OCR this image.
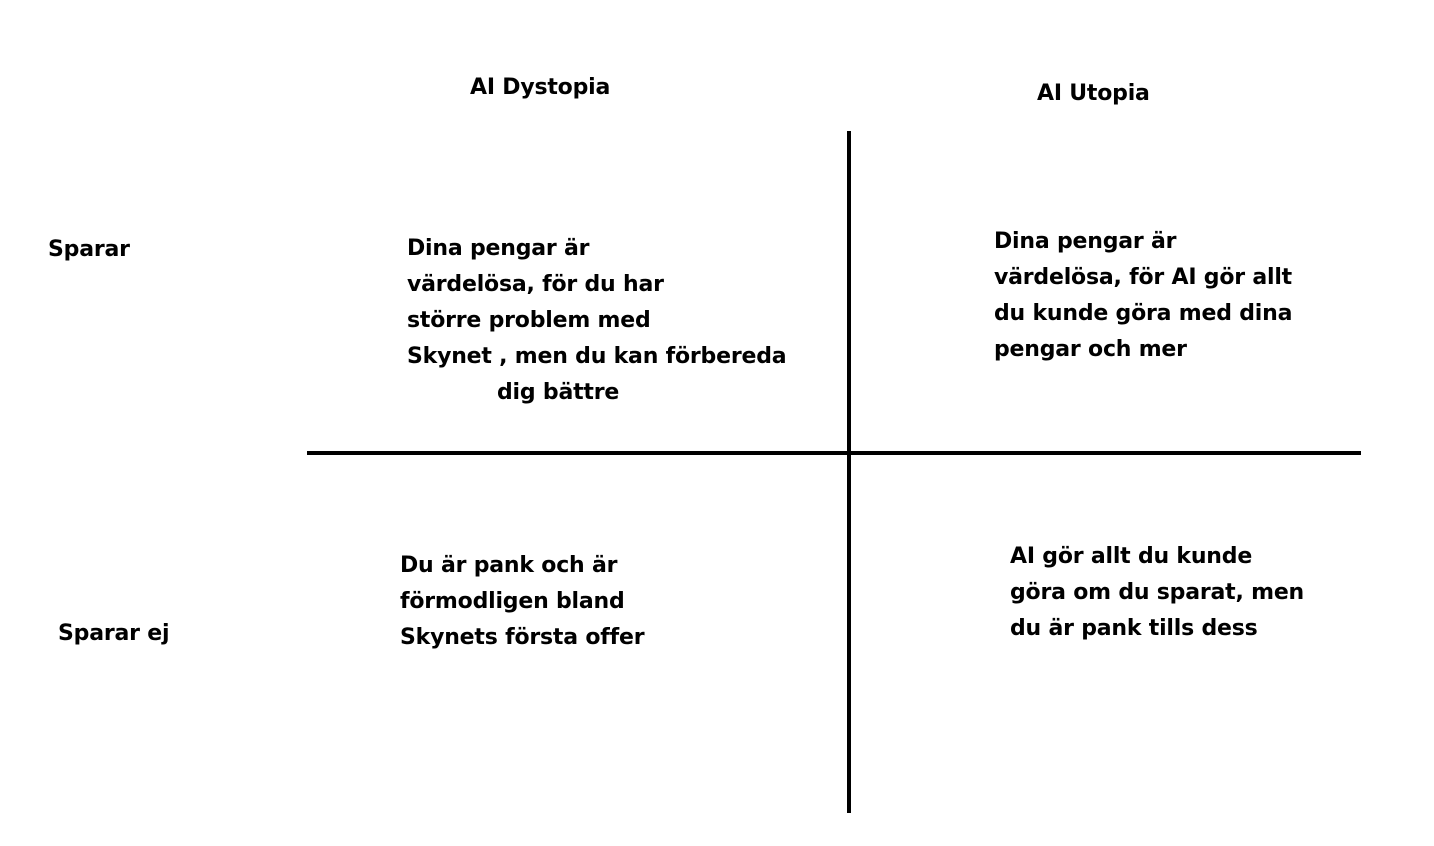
AI Dystopia	AI Utopia
Sparar
Sparar ej
Dina pengar är
värdelösa, för du har
större problem med
Skynet , men du kan förbereda
dig bättre
Dina pengar är
värdelösa, för AI gör allt
du kunde göra med dina
pengar och mer
Du är pank och är
förmodligen bland
Skynets första offer
AI gör allt du kunde
göra om du sparat, men
du är pank tills dess
